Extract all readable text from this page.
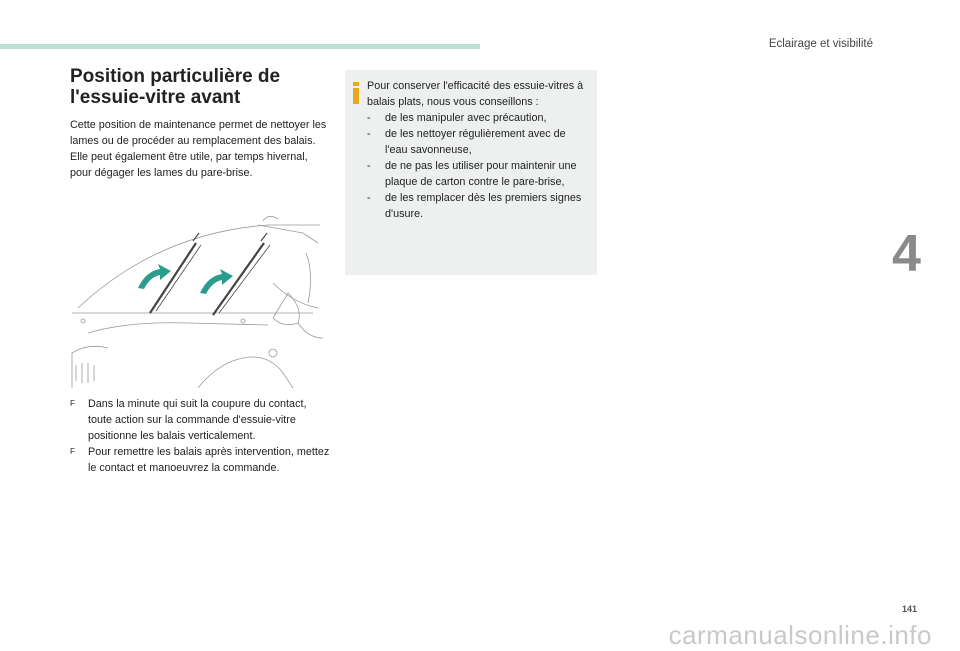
Eclairage et visibilité
4
Position particulière de l'essuie-vitre avant
Cette position de maintenance permet de nettoyer les lames ou de procéder au remplacement des balais. Elle peut également être utile, par temps hivernal, pour dégager les lames du pare-brise.
F Dans la minute qui suit la coupure du contact, toute action sur la commande d'essuie-vitre positionne les balais verticalement.
F Pour remettre les balais après intervention, mettez le contact et manoeuvrez la commande.
Pour conserver l'efficacité des essuie-vitres à balais plats, nous vous conseillons :
- de les manipuler avec précaution,
- de les nettoyer régulièrement avec de l'eau savonneuse,
- de ne pas les utiliser pour maintenir une plaque de carton contre le pare-brise,
- de les remplacer dès les premiers signes d'usure.
141
carmanualsonline.info
